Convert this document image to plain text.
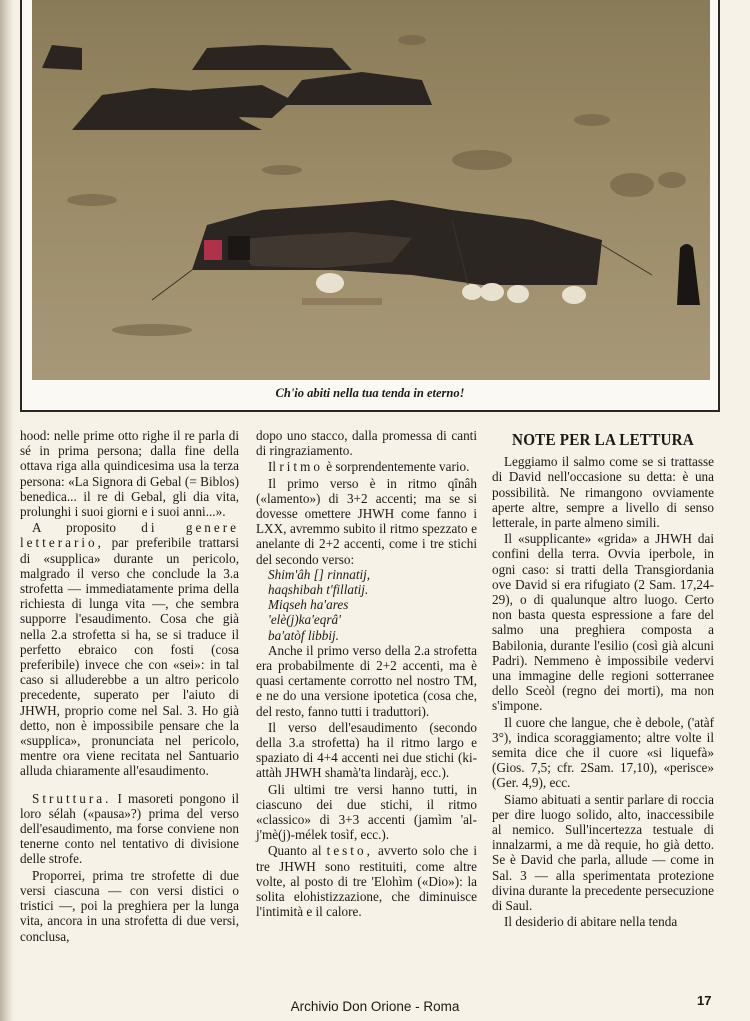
Ch'io abiti nella tua tenda in eterno!

hood: nelle prime otto righe il re parla di sé in prima persona; dalla fine della ottava riga alla quindicesima usa la terza persona: «La Signora di Gebal (= Biblos) benedica... il re di Gebal, gli dia vita, prolunghi i suoi giorni e i suoi anni...».

A proposito di genere letterario, par preferibile trattarsi di «supplica» durante un pericolo, malgrado il verso che conclude la 3.a strofetta — immediatamente prima della richiesta di lunga vita —, che sembra supporre l'esaudimento. Cosa che già nella 2.a strofetta si ha, se si traduce il perfetto ebraico con fosti (cosa preferibile) invece che con «sei»: in tal caso si alluderebbe a un altro pericolo precedente, superato per l'aiuto di JHWH, proprio come nel Sal. 3. Ho già detto, non è impossibile pensare che la «supplica», pronunciata nel pericolo, mentre ora viene recitata nel Santuario alluda chiaramente all'esaudimento.

Struttura. I masoreti pongono il loro sélah («pausa»?) prima del verso dell'esaudimento, ma forse conviene non tenerne conto nel tentativo di divisione delle strofe.

Proporrei, prima tre strofette di due versi ciascuna — con versi distici o tristici —, poi la preghiera per la lunga vita, ancora in una strofetta di due versi, conclusa,

dopo uno stacco, dalla promessa di canti di ringraziamento.

Il ritmo è sorprendentemente vario.

Il primo verso è in ritmo qînâh («lamento») di 3+2 accenti; ma se si dovesse omettere JHWH come fanno i LXX, avremmo subito il ritmo spezzato e anelante di 2+2 accenti, come i tre stichi del secondo verso:

Shim'âh [] rinnatij,
haqshibah t'fillatij.
Miqseh ha'ares
'elè(j)ka'eqrâ'
ba'atòf libbij.

Anche il primo verso della 2.a strofetta era probabilmente di 2+2 accenti, ma è quasi certamente corrotto nel nostro TM, e ne do una versione ipotetica (cosa che, del resto, fanno tutti i traduttori).

Il verso dell'esaudimento (secondo della 3.a strofetta) ha il ritmo largo e spaziato di 4+4 accenti nei due stichi (ki-attàh JHWH shamà'ta lindaràj, ecc.).

Gli ultimi tre versi hanno tutti, in ciascuno dei due stichi, il ritmo «classico» di 3+3 accenti (jamìm 'al-j'mè(j)-mélek tosìf, ecc.).

Quanto al testo, avverto solo che i tre JHWH sono restituiti, come altre volte, al posto di tre 'Elohìm («Dio»): la solita elohistizzazione, che diminuisce l'intimità e il calore.

NOTE PER LA LETTURA

Leggiamo il salmo come se si trattasse di David nell'occasione su detta: è una possibilità. Ne rimangono ovviamente aperte altre, sempre a livello di senso letterale, in parte almeno simili.

Il «supplicante» «grida» a JHWH dai confini della terra. Ovvia iperbole, in ogni caso: si tratti della Transgiordania ove David si era rifugiato (2 Sam. 17,24-29), o di qualunque altro luogo. Certo non basta questa espressione a fare del salmo una preghiera composta a Babilonia, durante l'esilio (così già alcuni Padri). Nemmeno è impossibile vedervi una immagine delle regioni sotterranee dello Sceòl (regno dei morti), ma non s'impone.

Il cuore che langue, che è debole, ('atàf 3°), indica scoraggiamento; altre volte il semita dice che il cuore «si liquefà» (Gios. 7,5; cfr. 2Sam. 17,10), «perisce» (Ger. 4,9), ecc.

Siamo abituati a sentir parlare di roccia per dire luogo solido, alto, inaccessibile al nemico. Sull'incertezza testuale di innalzarmi, a me dà requie, ho già detto. Se è David che parla, allude — come in Sal. 3 — alla sperimentata protezione divina durante la precedente persecuzione di Saul.

Il desiderio di abitare nella tenda

Archivio Don Orione - Roma	17
